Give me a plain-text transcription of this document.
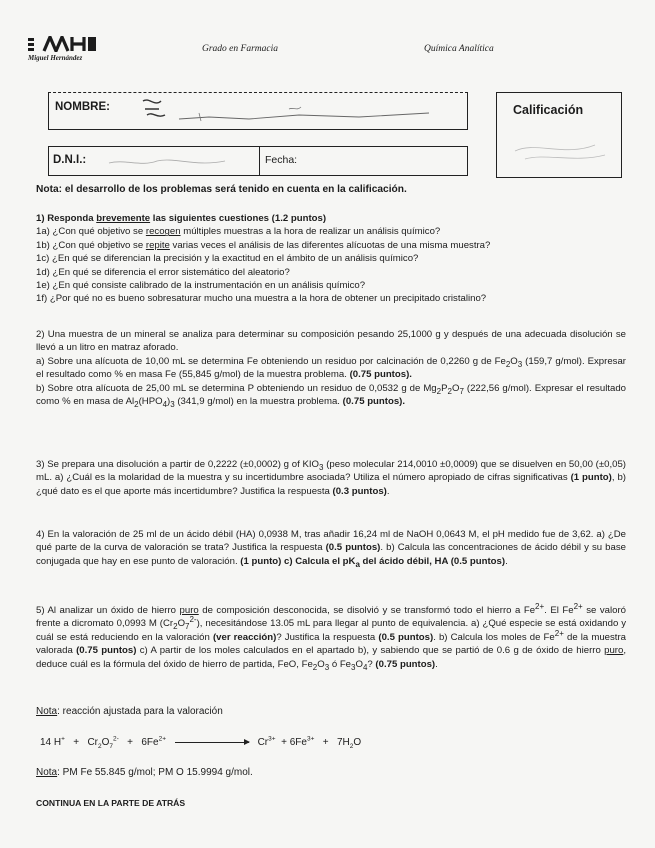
Miguel Hernández
Grado en Farmacia	Química Analítica
NOMBRE:
D.N.I.:	Fecha:
Calificación
Nota: el desarrollo de los problemas será tenido en cuenta en la calificación.

1) Responda brevemente las siguientes cuestiones (1.2 puntos)

1a) ¿Con qué objetivo se recogen múltiples muestras a la hora de realizar un análisis químico?

1b) ¿Con qué objetivo se repite varias veces el análisis de las diferentes alícuotas de una misma muestra?

1c) ¿En qué se diferencian la precisión y la exactitud en el ámbito de un análisis químico?

1d) ¿En qué se diferencia el error sistemático del aleatorio?

1e) ¿En qué consiste calibrado de la instrumentación en un análisis químico?

1f) ¿Por qué no es bueno sobresaturar mucho una muestra a la hora de obtener un precipitado cristalino?

2) Una muestra de un mineral se analiza para determinar su composición pesando 25,1000 g y después de una adecuada disolución se llevó a un litro en matraz aforado.

a) Sobre una alícuota de 10,00 mL se determina Fe obteniendo un residuo por calcinación de 0,2260 g de $Fe_2O_3$ (159,7 g/mol). Expresar el resultado como % en masa Fe (55,845 g/mol) de la muestra problema. (0.75 puntos).

b) Sobre otra alícuota de 25,00 mL se determina P obteniendo un residuo de 0,0532 g de $Mg_2P_2O_7$ (222,56 g/mol). Expresar el resultado como % en masa de $Al_2(HPO_4)_3$ (341,9 g/mol) en la muestra problema. (0.75 puntos).

3) Se prepara una disolución a partir de 0,2222 (±0,0002) g of $KIO_3$ (peso molecular 214,0010 ±0,0009) que se disuelven en 50,00 (±0,05) mL. a) ¿Cuál es la molaridad de la muestra y su incertidumbre asociada? Utiliza el número apropiado de cifras significativas (1 punto), b) ¿qué dato es el que aporte más incertidumbre? Justifica la respuesta (0.3 puntos).

4) En la valoración de 25 ml de un ácido débil (HA) 0,0938 M, tras añadir 16,24 ml de NaOH 0,0643 M, el pH medido fue de 3,62. a) ¿De qué parte de la curva de valoración se trata? Justifica la respuesta (0.5 puntos). b) Calcula las concentraciones de ácido débil y su base conjugada que hay en ese punto de valoración. (1 punto) c) Calcula el $pK_a$ del ácido débil, HA (0.5 puntos).

5) Al analizar un óxido de hierro puro de composición desconocida, se disolvió y se transformó todo el hierro a $Fe^{2+}$. El $Fe^{2+}$ se valoró frente a dicromato 0,0993 M $(Cr_2O_7^{2-})$, necesitándose 13.05 mL para llegar al punto de equivalencia. a) ¿Qué especie se está oxidando y cuál se está reduciendo en la valoración (ver reacción)? Justifica la respuesta (0.5 puntos). b) Calcula los moles de $Fe^{2+}$ de la muestra valorada (0.75 puntos) c) A partir de los moles calculados en el apartado b), y sabiendo que se partió de 0.6 g de óxido de hierro puro, deduce cuál es la fórmula del óxido de hierro de partida, FeO, $Fe_2O_3$ ó $Fe_3O_4$? (0.75 puntos).

Nota: reacción ajustada para la valoración
14 $H^+ + Cr_2O_7^{2-} + 6Fe^{2+}$	$Cr^{3+} + 6Fe^{3+} + 7H_2O$
Nota: PM Fe 55.845 g/mol; PM O 15.9994 g/mol.
CONTINUA EN LA PARTE DE ATRÁS
